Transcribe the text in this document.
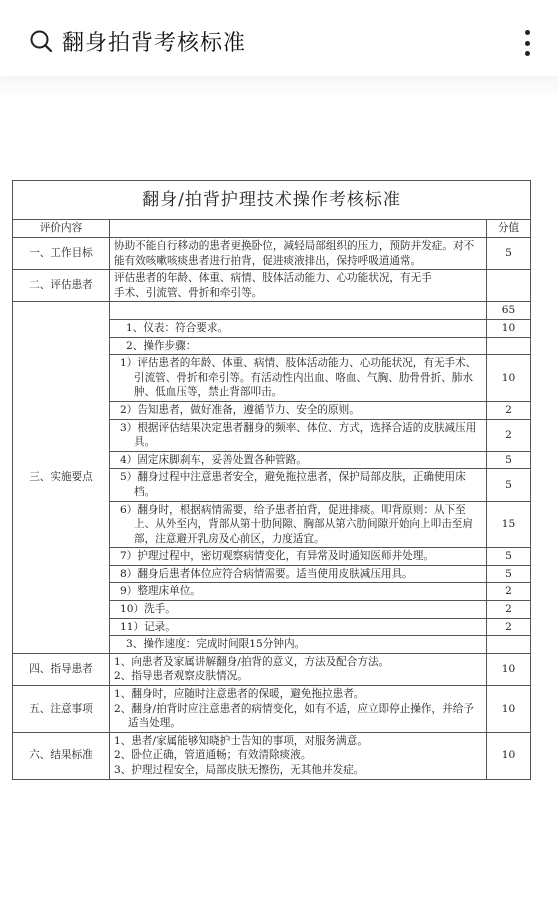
翻身拍背考核标准
翻身/拍背护理技术操作考核标准		
评价内容		分值
一、工作目标	协助不能自行移动的患者更换卧位，减轻局部组织的压力，预防并发症。对不能有效咳嗽咳痰患者进行拍背，促进痰液排出，保持呼吸道通常。	5
二、评估患者	评估患者的年龄、体重、病情、肢体活动能力、心功能状况，有无手
手术、引流管、骨折和牵引等。	

三、实施要点		65
	1、仪表：符合要求。	10
	2、操作步骤：	
	1）评估患者的年龄、体重、病情、肢体活动能力、心功能状况，有无手术、引流管、骨折和牵引等。有活动性内出血、咯血、气胸、肋骨骨折、肺水肿、低血压等，禁止背部叩击。	10
	2）告知患者，做好准备，遵循节力、安全的原则。	2
	3）根据评估结果决定患者翻身的频率、体位、方式，选择合适的皮肤减压用具。	2
	4）固定床脚刹车，妥善处置各种管路。	5
	5）翻身过程中注意患者安全，避免拖拉患者，保护局部皮肤，正确使用床档。	5
	6）翻身时，根据病情需要，给予患者拍背，促进排痰。叩背原则：从下至上、从外至内，背部从第十肋间隙、胸部从第六肋间隙开始向上叩击至肩部，注意避开乳房及心前区，力度适宜。	15
	7）护理过程中，密切观察病情变化，有异常及时通知医师并处理。	5
	8）翻身后患者体位应符合病情需要。适当使用皮肤减压用具。	5
	9）整理床单位。	2
	10）洗手。	2
	11）记录。	2
	3、操作速度：完成时间限15分钟内。	
四、指导患者	1、向患者及家属讲解翻身/拍背的意义，方法及配合方法。
2、指导患者观察皮肤情况。	10
五、注意事项	1、翻身时，应随时注意患者的保暖，避免拖拉患者。
2、翻身/拍背时应注意患者的病情变化，如有不适，应立即停止操作，并给予适当处理。	10
六、结果标准	1、患者/家属能够知晓护士告知的事项，对服务满意。
2、卧位正确，管道通畅；有效清除痰液。
3、护理过程安全，局部皮肤无擦伤，无其他并发症。	10
